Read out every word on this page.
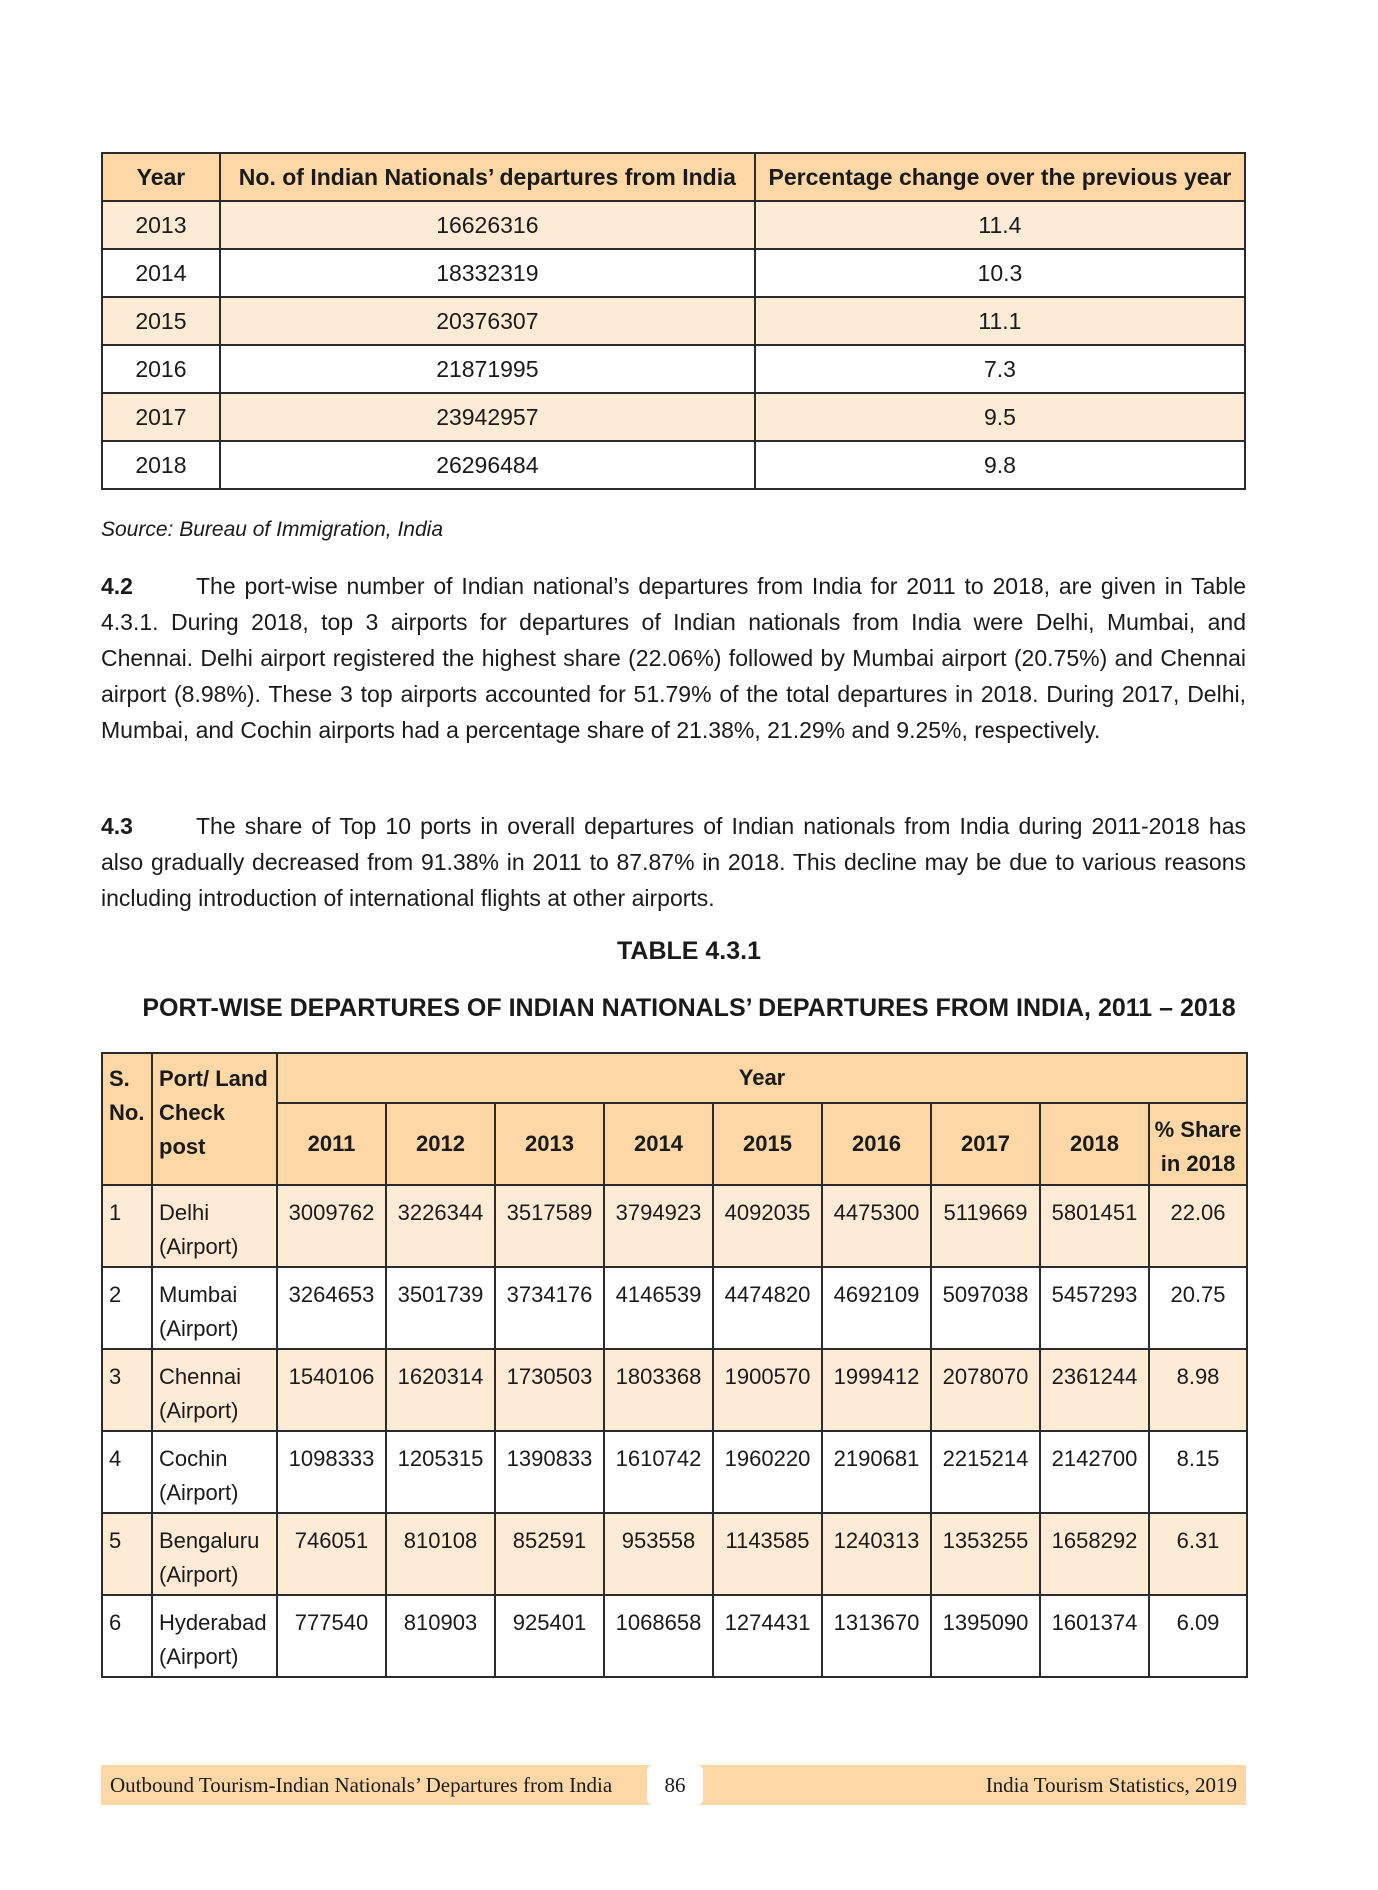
Year	No. of Indian Nationals’ departures from India	Percentage change over the previous year
2013	16626316	11.4
2014	18332319	10.3
2015	20376307	11.1
2016	21871995	7.3
2017	23942957	9.5
2018	26296484	9.8
Source: Bureau of Immigration, India

4.2	The port-wise number of Indian national’s departures from India for 2011 to 2018, are given in Table 4.3.1. During 2018, top 3 airports for departures of Indian nationals from India were Delhi, Mumbai, and Chennai. Delhi airport registered the highest share (22.06%) followed by Mumbai airport (20.75%) and Chennai airport (8.98%). These 3 top airports accounted for 51.79% of the total departures in 2018. During 2017, Delhi, Mumbai, and Cochin airports had a percentage share of 21.38%, 21.29% and 9.25%, respectively.

4.3	The share of Top 10 ports in overall departures of Indian nationals from India during 2011-2018 has also gradually decreased from 91.38% in 2011 to 87.87% in 2018. This decline may be due to various reasons including introduction of international flights at other airports.

TABLE 4.3.1
PORT-WISE DEPARTURES OF INDIAN NATIONALS’ DEPARTURES FROM INDIA, 2011 – 2018
S. No.	Port/ Land Check post	Year								
		2011	2012	2013	2014	2015	2016	2017	2018	% Share in 2018
1	Delhi (Airport)	3009762	3226344	3517589	3794923	4092035	4475300	5119669	5801451	22.06
2	Mumbai (Airport)	3264653	3501739	3734176	4146539	4474820	4692109	5097038	5457293	20.75
3	Chennai (Airport)	1540106	1620314	1730503	1803368	1900570	1999412	2078070	2361244	8.98
4	Cochin (Airport)	1098333	1205315	1390833	1610742	1960220	2190681	2215214	2142700	8.15
5	Bengaluru (Airport)	746051	810108	852591	953558	1143585	1240313	1353255	1658292	6.31
6	Hyderabad (Airport)	777540	810903	925401	1068658	1274431	1313670	1395090	1601374	6.09
Outbound Tourism-Indian Nationals’ Departures from India	86	India Tourism Statistics, 2019
